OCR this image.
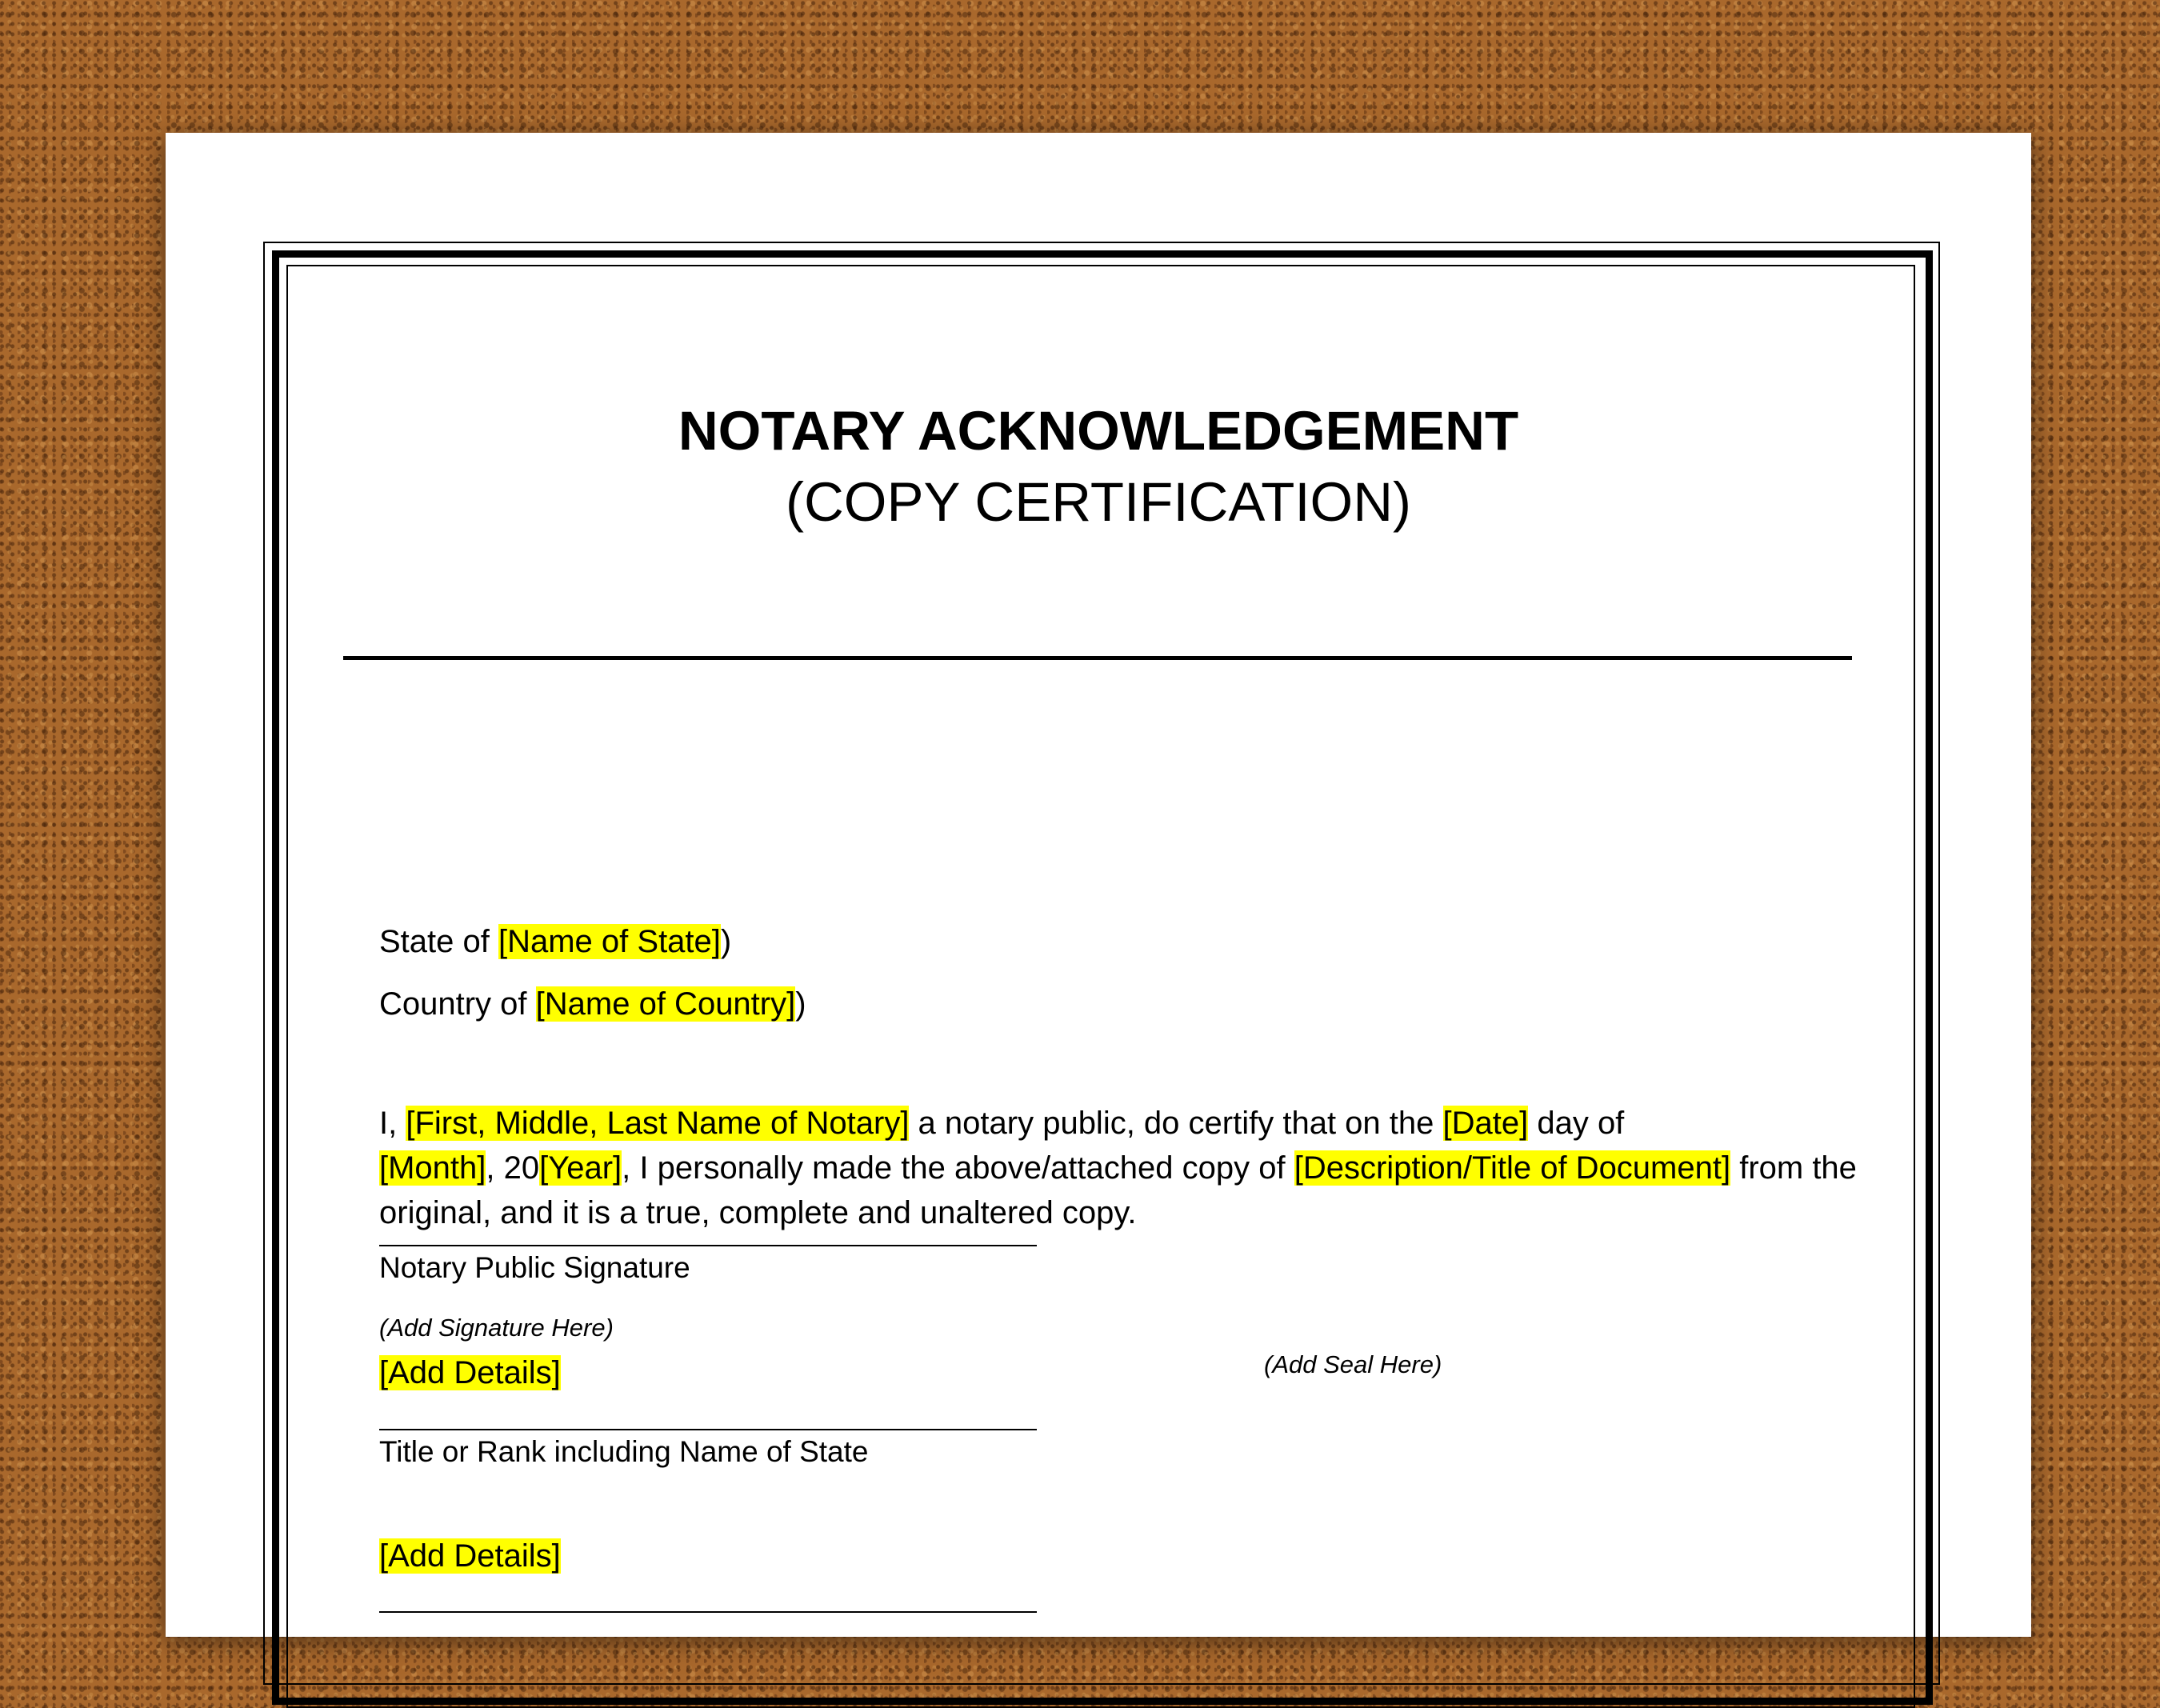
NOTARY ACKNOWLEDGEMENT
(COPY CERTIFICATION)
State of [Name of State])
Country of [Name of Country])
I, [First, Middle, Last Name of Notary] a notary public, do certify that on the [Date] day of
[Month], 20[Year], I personally made the above/attached copy of [Description/Title of Document] from the original, and it is a true, complete and unaltered copy.
(Add Signature Here)
(Add Seal Here)
Notary Public Signature
[Add Details]
Title or Rank including Name of State
[Add Details]
